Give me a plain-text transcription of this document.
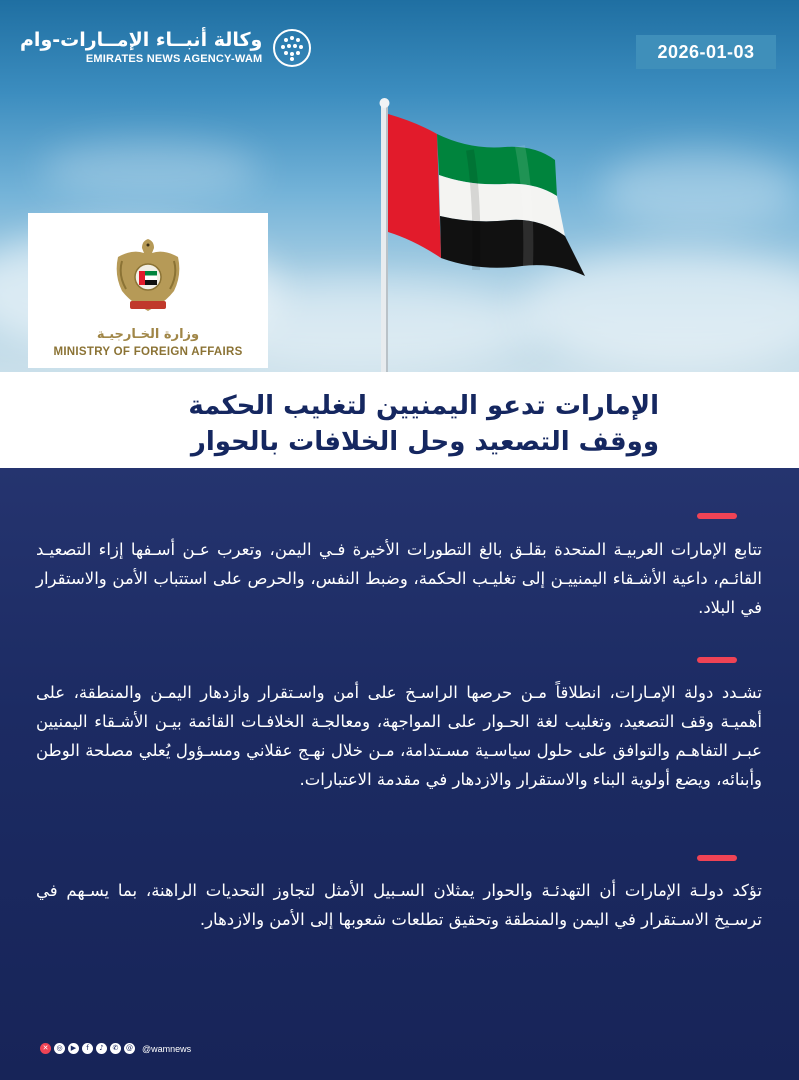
وكالة أنبــاء الإمــارات-وام
EMIRATES NEWS AGENCY-WAM	2026-01-03
وزارة الخـارجيـة
MINISTRY OF FOREIGN AFFAIRS
الإمارات تدعو اليمنيين لتغليب الحكمة
ووقف التصعيد وحل الخلافات بالحوار
تتابع الإمارات العربيـة المتحدة بقلـق بالغ التطورات الأخيرة فـي اليمن، وتعرب عـن أسـفها إزاء التصعيـد القائـم، داعية الأشـقاء اليمنييـن إلى تغليـب الحكمة، وضبط النفس، والحرص على استتباب الأمن والاستقرار في البلاد.
تشـدد دولة الإمـارات، انطلاقاً مـن حرصها الراسـخ على أمن واسـتقرار وازدهار اليمـن والمنطقة، على أهميـة وقف التصعيد، وتغليب لغة الحـوار على المواجهة، ومعالجـة الخلافـات القائمة بيـن الأشـقاء اليمنيين عبـر التفاهـم والتوافق على حلول سياسـية مسـتدامة، مـن خلال نهـج عقلاني ومسـؤول يُعلي مصلحة الوطن وأبنائه، ويضع أولوية البناء والاستقرار والازدهار في مقدمة الاعتبارات.
تؤكد دولـة الإمارات أن التهدئـة والحوار يمثلان السـبيل الأمثل لتجاوز التحديات الراهنة، بما يسـهم في ترسـيخ الاسـتقرار في اليمن والمنطقة وتحقيق تطلعات شعوبها إلى الأمن والازدهار.
✕	◎	▶	f	♪	✆	@ @wamnews
